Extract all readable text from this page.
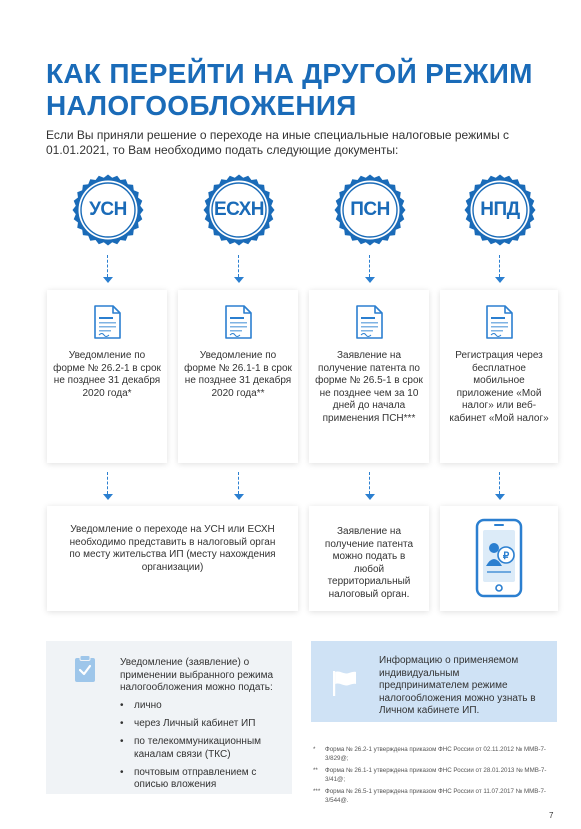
КАК ПЕРЕЙТИ НА ДРУГОЙ РЕЖИМ НАЛОГООБЛОЖЕНИЯ
Если Вы приняли решение о переходе на иные специальные налоговые режимы с 01.01.2021, то Вам необходимо подать следующие документы:
УСН	ЕСХН	ПСН	НПД
Уведомление по форме № 26.2-1 в срок не позднее 31 декабря 2020 года*
Уведомление по форме № 26.1-1 в срок не позднее 31 декабря 2020 года**
Заявление на получение патента по форме № 26.5-1 в срок не позднее чем за 10 дней до начала применения ПСН***
Регистрация через бесплатное мобильное приложение «Мой налог» или веб-кабинет «Мой налог»
Уведомление о переходе на УСН или ЕСХН необходимо представить в налоговый орган по месту жительства ИП (месту нахождения организации)
Заявление на получение патента можно подать в любой территориальный налоговый орган.
₽
Уведомление (заявление) о применении выбранного режима налогообложения можно подать:
• лично
• через Личный кабинет ИП
• по телекоммуникационным каналам связи (ТКС)
• почтовым отправлением с описью вложения
Информацию о применяемом индивидуальным предпринимателем режиме налогообложения можно узнать в Личном кабинете ИП.
* Форма № 26.2-1 утверждена приказом ФНС России от 02.11.2012 № ММВ-7-3/829@;
** Форма № 26.1-1 утверждена приказом ФНС России от 28.01.2013 № ММВ-7-3/41@;
*** Форма № 26.5-1 утверждена приказом ФНС России от 11.07.2017 № ММВ-7-3/544@.
7
